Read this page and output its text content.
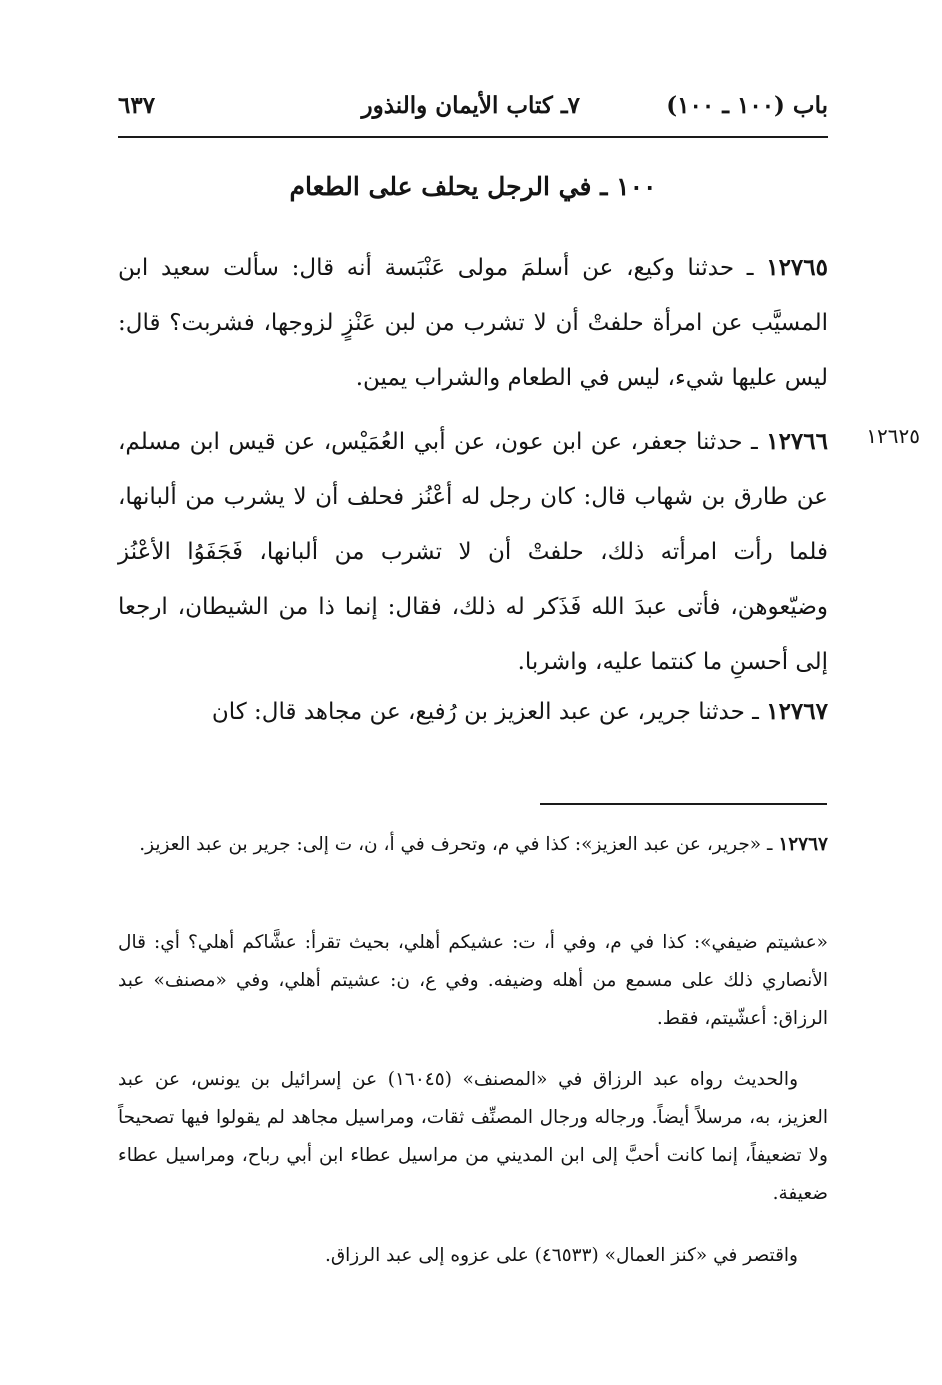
باب (١٠٠ ـ ١٠٠)
٧ـ كتاب الأيمان والنذور
٦٣٧
١٠٠ ـ في الرجل يحلف على الطعام
١٢٧٦٥ ـ حدثنا وكيع، عن أسلمَ مولى عَنْبَسة أنه قال: سألت سعيد ابن المسيَّب عن امرأة حلفتْ أن لا تشرب من لبن عَنْزٍ لزوجها، فشربت؟ قال: ليس عليها شيء، ليس في الطعام والشراب يمين.
١٢٦٢٥
١٢٧٦٦ ـ حدثنا جعفر، عن ابن عون، عن أبي العُمَيْس، عن قيس ابن مسلم، عن طارق بن شهاب قال: كان رجل له أعْنُز فحلف أن لا يشرب من ألبانها، فلما رأت امرأته ذلك، حلفتْ أن لا تشرب من ألبانها، فَجَفَوُا الأعْنُز وضيّعوهن، فأتى عبدَ الله فَذَكر له ذلك، فقال: إنما ذا من الشيطان، ارجعا إلى أحسنِ ما كنتما عليه، واشربا.
١٢٧٦٧ ـ حدثنا جرير، عن عبد العزيز بن رُفيع، عن مجاهد قال: كان
١٢٧٦٧ ـ «جرير، عن عبد العزيز»: كذا في م، وتحرف في أ، ن، ت إلى: جرير بن عبد العزيز.
«عشيتم ضيفي»: كذا في م، وفي أ، ت: عشيكم أهلي، بحيث تقرأ: عشَّاكم أهلي؟ أي: قال الأنصاري ذلك على مسمع من أهله وضيفه. وفي ع، ن: عشيتم أهلي، وفي «مصنف» عبد الرزاق: أعشّيتم، فقط.
والحديث رواه عبد الرزاق في «المصنف» (١٦٠٤٥) عن إسرائيل بن يونس، عن عبد العزيز، به، مرسلاً أيضاً. ورجاله ورجال المصنِّف ثقات، ومراسيل مجاهد لم يقولوا فيها تصحيحاً ولا تضعيفاً، إنما كانت أحبَّ إلى ابن المديني من مراسيل عطاء ابن أبي رباح، ومراسيل عطاء ضعيفة.
واقتصر في «كنز العمال» (٤٦٥٣٣) على عزوه إلى عبد الرزاق.
